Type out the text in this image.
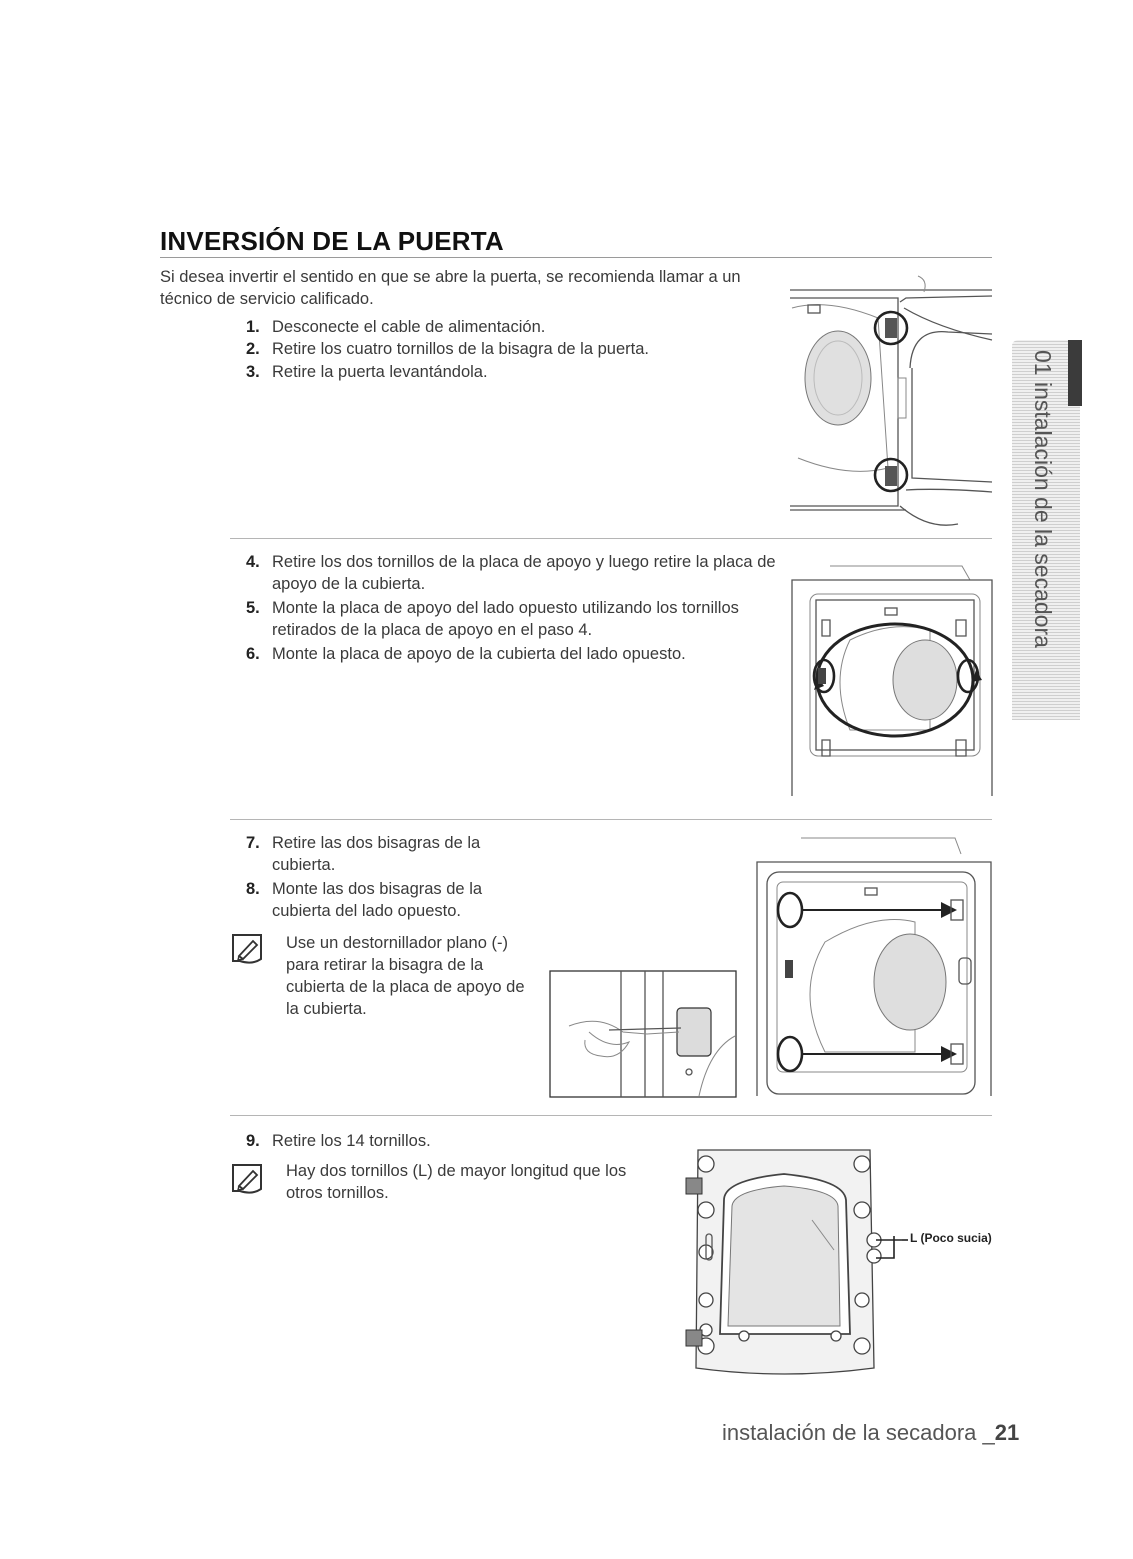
INVERSIÓN DE LA PUERTA
Si desea invertir el sentido en que se abre la puerta, se recomienda llamar a un técnico de servicio calificado.
1. Desconecte el cable de alimentación.
2. Retire los cuatro tornillos de la bisagra de la puerta.
3. Retire la puerta levantándola.
4. Retire los dos tornillos de la placa de apoyo y luego retire la placa de apoyo de la cubierta.
5. Monte la placa de apoyo del lado opuesto utilizando los tornillos retirados de la placa de apoyo en el paso 4.
6. Monte la placa de apoyo de la cubierta del lado opuesto.
7. Retire las dos bisagras de la cubierta.
8. Monte las dos bisagras de la cubierta del lado opuesto.
Use un destornillador plano (-) para retirar la bisagra de la cubierta de la placa de apoyo de la cubierta.
9. Retire los 14 tornillos.
Hay dos tornillos (L) de mayor longitud que los otros tornillos.
L (Poco sucia)
01 instalación de la secadora
instalación de la secadora _21
